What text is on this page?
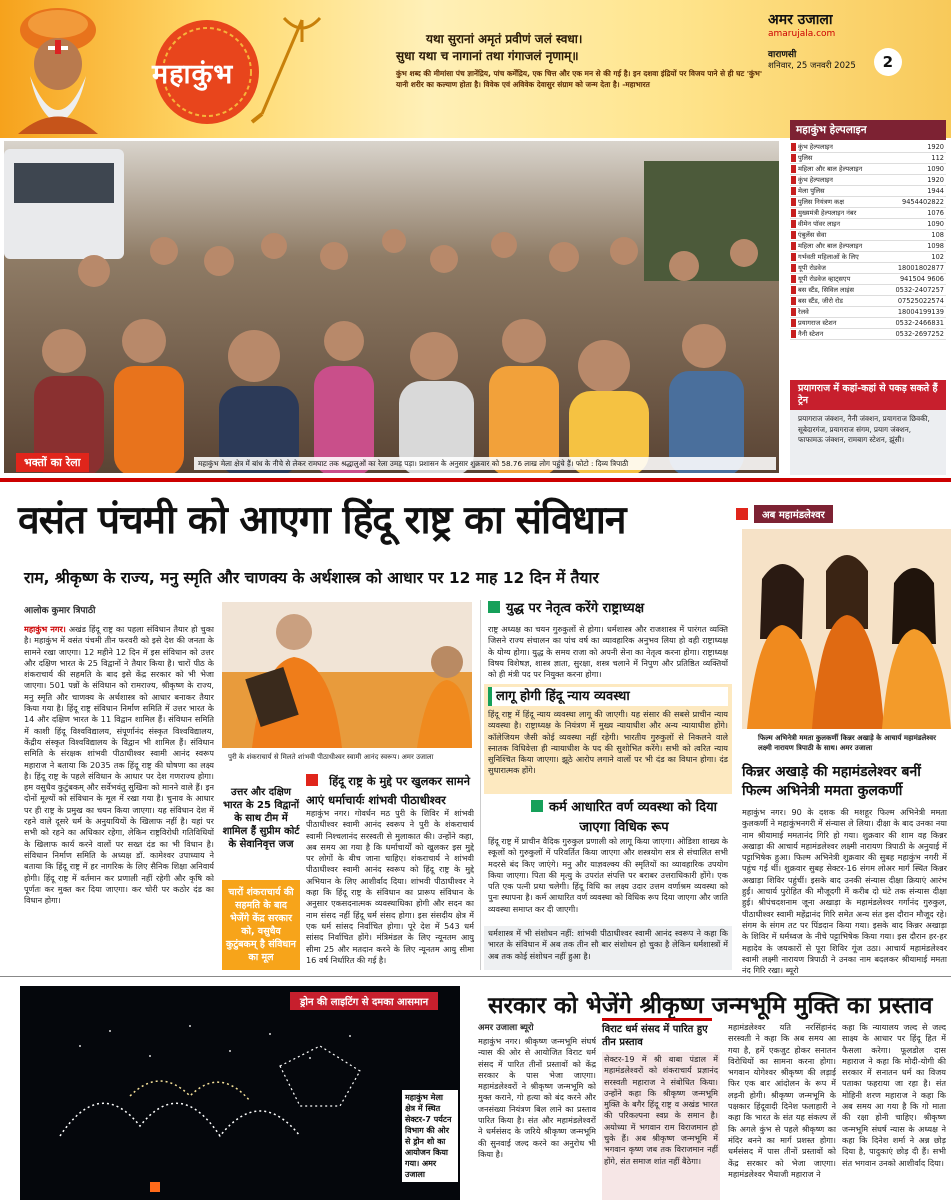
महाकुंभ
यथा सुरानां अमृतं प्रवीणं जलं स्वधा।
सुधा यथा च नागानां तथा गंगाजलं नृणाम्॥
कुंभ शब्द की मीमांसा पंच ज्ञानेंद्रिय, पांच कर्मेंद्रिय, एक चित्त और एक मन से की गई है। इन दशवा इंद्रियों पर विजय पाने से ही घट 'कुंभ' यानी शरीर का कल्याण होता है। विवेक एवं अविवेक देवासुर संग्राम को जन्म देता है। -महाभारत
अमर उजाला
amarujala.com
वाराणसी
शनिवार, 25 जनवरी 2025	2
भक्तों का रेला	महाकुंभ मेला क्षेत्र में बांध के नीचे से लेकर रामघाट तक श्रद्धालुओं का रेला उमड़ पड़ा। प्रशासन के अनुसार शुक्रवार को 58.76 लाख लोग पहुंचे हैं। फोटो : दिव्य त्रिपाठी
महाकुंभ हेल्पलाइन
कुंभ हेल्पलाइन	1920
पुलिस	112
महिला और बाल हेल्पलाइन	1090
कुंभ हेल्पलाइन	1920
मेला पुलिस	1944
पुलिस नियंत्रण कक्ष	9454402822
मुख्यमंत्री हेल्पलाइन नंबर	1076
वीमेन पॉवर लाइन	1090
एंबुलेंस सेवा	108
महिला और बाल हेल्पलाइन	1098
गर्भवती महिलाओं के लिए	102
यूपी रोडवेज	18001802877
यूपी रोडवेज व्हाट्सएप	941504 9606
बस स्टैंड, सिविल लाइंस	0532-2407257
बस स्टैंड, जीरो रोड	07525022574
रेलवे	18004199139
प्रयागराज स्टेशन	0532-2466831
नैनी स्टेशन	0532-2697252
प्रयागराज में कहां-कहां से पकड़ सकते हैं ट्रेन
प्रयागराज जंक्शन, नैनी जंक्शन, प्रयागराज छिवकी, सूबेदारगंज, प्रयागराज संगम, प्रयाग जंक्शन, फाफामऊ जंक्शन, रामबाग स्टेशन, झूंसी।
वसंत पंचमी को आएगा हिंदू राष्ट्र का संविधान
राम, श्रीकृष्ण के राज्य, मनु स्मृति और चाणक्य के अर्थशास्त्र को आधार पर 12 माह 12 दिन में तैयार
आलोक कुमार त्रिपाठी
महाकुंभ नगर। अखंड हिंदू राष्ट्र का पहला संविधान तैयार हो चुका है। महाकुंभ में वसंत पंचमी तीन फरवरी को इसे देश की जनता के सामने रखा जाएगा। 12 महीने 12 दिन में इस संविधान को उत्तर और दक्षिण भारत के 25 विद्वानों ने तैयार किया है। चारों पीठ के शंकराचार्य की सहमति के बाद इसे केंद्र सरकार को भी भेजा जाएगा। 501 पन्नों के संविधान को रामराज्य, श्रीकृष्ण के राज्य, मनु स्मृति और चाणक्य के अर्थशास्त्र को आधार बनाकर तैयार किया गया है। हिंदू राष्ट्र संविधान निर्माण समिति में उत्तर भारत के 14 और दक्षिण भारत के 11 विद्वान शामिल हैं। संविधान समिति में काशी हिंदू विश्वविद्यालय, संपूर्णानंद संस्कृत विश्वविद्यालय, केंद्रीय संस्कृत विश्वविद्यालय के विद्वान भी शामिल हैं। संविधान समिति के संरक्षक शांभवी पीठाधीश्वर स्वामी आनंद स्वरूप महाराज ने बताया कि 2035 तक हिंदू राष्ट्र की घोषणा का लक्ष्य है। हिंदू राष्ट्र के पहले संविधान के आधार पर देश गणराज्य होगा। हम वसुधैव कुटुंबकम् और सर्वेभवंतु सुखिनः को मानने वाले हैं। इन दोनों मूल्यों को संविधान के मूल में रखा गया है। चुनाव के आधार पर ही राष्ट्र के प्रमुख का चयन किया जाएगा। यह संविधान देश में रहने वाले दूसरे धर्म के अनुयायियों के खिलाफ नहीं है। यहां पर सभी को रहने का अधिकार रहेगा, लेकिन राष्ट्रविरोधी गतिविधियों के खिलाफ कार्य करने वालों पर सख्त दंड का भी विधान है। संविधान निर्माण समिति के अध्यक्ष डॉ. कामेश्वर उपाध्याय ने बताया कि हिंदू राष्ट्र में हर नागरिक के लिए सैनिक शिक्षा अनिवार्य होगी। हिंदू राष्ट्र में वर्तमान कर प्रणाली नहीं रहेगी और कृषि को पूर्णतः कर मुक्त कर दिया जाएगा। कर चोरी पर कठोर दंड का विधान होगा।
पुरी के शंकराचार्य से मिलते शांभवी पीठाधीश्वर स्वामी आनंद स्वरूप। अमर उजाला
उत्तर और दक्षिण भारत के 25 विद्वानों के साथ टीम में शामिल हैं सुप्रीम कोर्ट के सेवानिवृत्त जज
चारों शंकराचार्य की सहमति के बाद भेजेंगे केंद्र सरकार को, वसुधैव कुटुंबकम् है संविधान का मूल
हिंदू राष्ट्र के मुद्दे पर खुलकर सामने आएं धर्माचार्यः शांभवी पीठाधीश्वर
महाकुंभ नगर। गोवर्धन मठ पुरी के शिविर में शांभवी पीठाधीश्वर स्वामी आनंद स्वरूप ने पुरी के शंकराचार्य स्वामी निश्चलानंद सरस्वती से मुलाकात की। उन्होंने कहा, अब समय आ गया है कि धर्माचार्यों को खुलकर इस मुद्दे पर लोगों के बीच जाना चाहिए। शंकराचार्य ने शांभवी पीठाधीश्वर स्वामी आनंद स्वरूप को हिंदू राष्ट्र के मुद्दे अभियान के लिए आशीर्वाद दिया। शांभवी पीठाधीश्वर ने कहा कि हिंदू राष्ट्र के संविधान का प्रारूप संविधान के अनुसार एकसदनात्मक व्यवस्थाधिका होगी और सदन का नाम संसद नहीं हिंदू धर्म संसद होगा। इस संसदीय क्षेत्र में एक धर्म सांसद निर्वाचित होगा। पूरे देश में 543 धर्म सांसद निर्वाचित होंगे। मंत्रिमंडल के लिए न्यूनतम आयु सीमा 25 और मतदान करने के लिए न्यूनतम आयु सीमा 16 वर्ष निर्धारित की गई है।
युद्ध पर नेतृत्व करेंगे राष्ट्राध्यक्ष
राष्ट्र अध्यक्ष का चयन गुरुकुलों से होगा। धर्मशास्त्र और राजशास्त्र में पारंगत व्यक्ति जिसने राज्य संचालन का पांच वर्ष का व्यावहारिक अनुभव लिया हो वही राष्ट्राध्यक्ष के योग्य होगा। युद्ध के समय राजा को अपनी सेना का नेतृत्व करना होगा। राष्ट्राध्यक्ष विषय विशेषज्ञ, शास्त्र ज्ञाता, सुरक्षा, शस्त्र चलाने में निपुण और प्रतिष्ठित व्यक्तियों को ही मंत्री पद पर नियुक्त करना होगा।
लागू होगी हिंदू न्याय व्यवस्था
हिंदू राष्ट्र में हिंदू न्याय व्यवस्था लागू की जाएगी। यह संसार की सबसे प्राचीन न्याय व्यवस्था है। राष्ट्राध्यक्ष के नियंत्रण में मुख्य न्यायाधीश और अन्य न्यायाधीश होंगे। कॉलेजियम जैसी कोई व्यवस्था नहीं रहेगी। भारतीय गुरुकुलों से निकलने वाले स्नातक विधिवेत्ता ही न्यायाधीश के पद की सुशोभित करेंगे। सभी को त्वरित न्याय सुनिश्चित किया जाएगा। झूठे आरोप लगाने वालों पर भी दंड का विधान होगा। दंड सुधारात्मक होंगे।
कर्म आधारित वर्ण व्यवस्था को दिया जाएगा विधिक रूप
हिंदू राष्ट्र में प्राचीन वैदिक गुरुकुल प्रणाली को लागू किया जाएगा। ओडिशा शाख्य के स्कूलों को गुरुकुलों में परिवर्तित किया जाएगा और शस्त्रयोग सत्र से संचालित सभी मदरसे बंद किए जाएंगे। मनु और याज्ञवल्क्य की स्मृतियों का व्यावहारिक उपयोग किया जाएगा। पिता की मृत्यु के उपरांत संपत्ति पर बराबर उत्तराधिकारी होंगे। एक पति एक पत्नी प्रथा चलेगी। हिंदू विधि का लक्ष्य उदार उत्तम वर्णाश्रम व्यवस्था को पुनः स्थापना है। कर्म आधारित वर्ण व्यवस्था को विधिक रूप दिया जाएगा और जाति व्यवस्था समाप्त कर दी जाएगी।
धर्मशास्त्र में भी संशोधन नहीं: शांभवी पीठाधीश्वर स्वामी आनंद स्वरूप ने कहा कि भारत के संविधान में अब तक तीन सौ बार संशोधन हो चुका है लेकिन धर्मशास्त्रों में अब तक कोई संशोधन नहीं हुआ है।
अब महामंडलेश्वर
फिल्म अभिनेत्री ममता कुलकर्णी किन्नर अखाड़े के आचार्य महामंडलेश्वर लक्ष्मी नारायण त्रिपाठी के साथ। अमर उजाला
किन्नर अखाड़े की महामंडलेश्वर बनीं फिल्म अभिनेत्री ममता कुलकर्णी
महाकुंभ नगर। 90 के दशक की मशहूर फिल्म अभिनेत्री ममता कुलकर्णी ने महाकुंभनगरी में संन्यास ले लिया। दीक्षा के बाद उनका नया नाम श्रीयामाई ममतानंद गिरि हो गया। शुक्रवार की शाम वह किन्नर अखाड़ा की आचार्य महामंडलेश्वर लक्ष्मी नारायण त्रिपाठी के अनुयाई में पट्टाभिषेक हुआ। फिल्म अभिनेत्री शुक्रवार की सुबह महाकुंभ नगरी में पहुंच गई थीं। शुक्रवार सुबह सेक्टर-16 संगम लोअर मार्ग स्थित किन्नर अखाड़ा शिविर पहुंचीं। इसके बाद उनकी संन्यास दीक्षा क्रियाएं आरंभ हुईं। आचार्य पुरोहित की मौजूदगी में करीब दो घंटे तक संन्यास दीक्षा हुई। श्रीपंचदशनाम जूना अखाड़ा के महामंडलेश्वर गर्गानंद गुरुकुल, पीठाधीश्वर स्वामी महेंद्रानंद गिरि समेत अन्य संत इस दौरान मौजूद रहे। संगम के संगम तट पर पिंडदान किया गया। इसके बाद किन्नर अखाड़ा के शिविर में धर्मध्वज के नीचे पट्टाभिषेक किया गया। इस दौरान हर-हर महादेव के जयकारों से पूरा शिविर गूंज उठा। आचार्य महामंडलेश्वर स्वामी लक्ष्मी नारायण त्रिपाठी ने उनका नाम बदलकर श्रीयामाई ममता नंद गिरि रखा। ब्यूरो
ड्रोन की लाइटिंग से दमका आसमान
महाकुंभ मेला क्षेत्र में स्थित सेक्टर-7 पर्यटन विभाग की ओर से ड्रोन शो का आयोजन किया गया। अमर उजाला
सरकार को भेजेंगे श्रीकृष्ण जन्मभूमि मुक्ति का प्रस्ताव
अमर उजाला ब्यूरो
महाकुंभ नगर। श्रीकृष्ण जन्मभूमि संघर्ष न्यास की ओर से आयोजित विराट धर्म संसद में पारित तीनों प्रस्तावों को केंद्र सरकार के पास भेजा जाएगा। महामंडलेश्वरों ने श्रीकृष्ण जन्मभूमि को मुक्त कराने, गो हत्या को बंद करने और जनसंख्या नियंत्रण बिल लाने का प्रस्ताव पारित किया है। संत और महामंडलेश्वरों ने धर्मसंसद के जरिये श्रीकृष्ण जन्मभूमि की सुनवाई जल्द करने का अनुरोध भी किया है।
विराट धर्म संसद में पारित हुए तीन प्रस्ताव
सेक्टर-19 में श्री बाबा पंडाल में महामंडलेश्वरों को शंकराचार्य प्रज्ञानंद सरस्वती महाराज ने संबोधित किया। उन्होंने कहा कि श्रीकृष्ण जन्मभूमि मुक्ति के बगैर हिंदू राष्ट्र व अखंड भारत की परिकल्पना स्वप्न के समान है। अयोध्या में भगवान राम विराजमान हो चुके हैं। अब श्रीकृष्ण जन्मभूमि में भगवान कृष्ण जब तक विराजमान नहीं होंगे, संत समाज शांत नहीं बैठेगा।
महामंडलेश्वर यति नरसिंहानंद सरस्वती ने कहा कि अब समय आ गया है, हमें एकजुट होकर सनातन विरोधियों का सामना करना होगा। भगवान योगेश्वर श्रीकृष्ण की लड़ाई फिर एक बार आंदोलन के रूप में लड़नी होगी। श्रीकृष्ण जन्मभूमि के पक्षकार हिंदूवादी दिनेश फलाहारी ने कहा कि भारत के संत यह संकल्प लें कि अगले कुंभ से पहले श्रीकृष्ण का मंदिर बनने का मार्ग प्रशस्त होगा। धर्मसंसद में पास तीनों प्रस्तावों को केंद्र सरकार को भेजा जाएगा। महामंडलेश्वर भैयाजी महाराज ने
कहा कि न्यायालय जल्द से जल्द साक्ष्य के आधार पर हिंदू हित में फैसला करेगा। फूलडोल दास महाराज ने कहा कि मोदी-योगी की सरकार में सनातन धर्म का विजय पताका फहराया जा रहा है। संत मोहिनी शरण महाराज ने कहा कि अब समय आ गया है कि गो माता की रक्षा होनी चाहिए। श्रीकृष्ण जन्मभूमि संघर्ष न्यास के अध्यक्ष ने कहा कि दिनेश शर्मा ने अन्न छोड़ दिया है, पादुकाएं छोड़ दी हैं। सभी संत भगवान उनको आशीर्वाद दिया।
